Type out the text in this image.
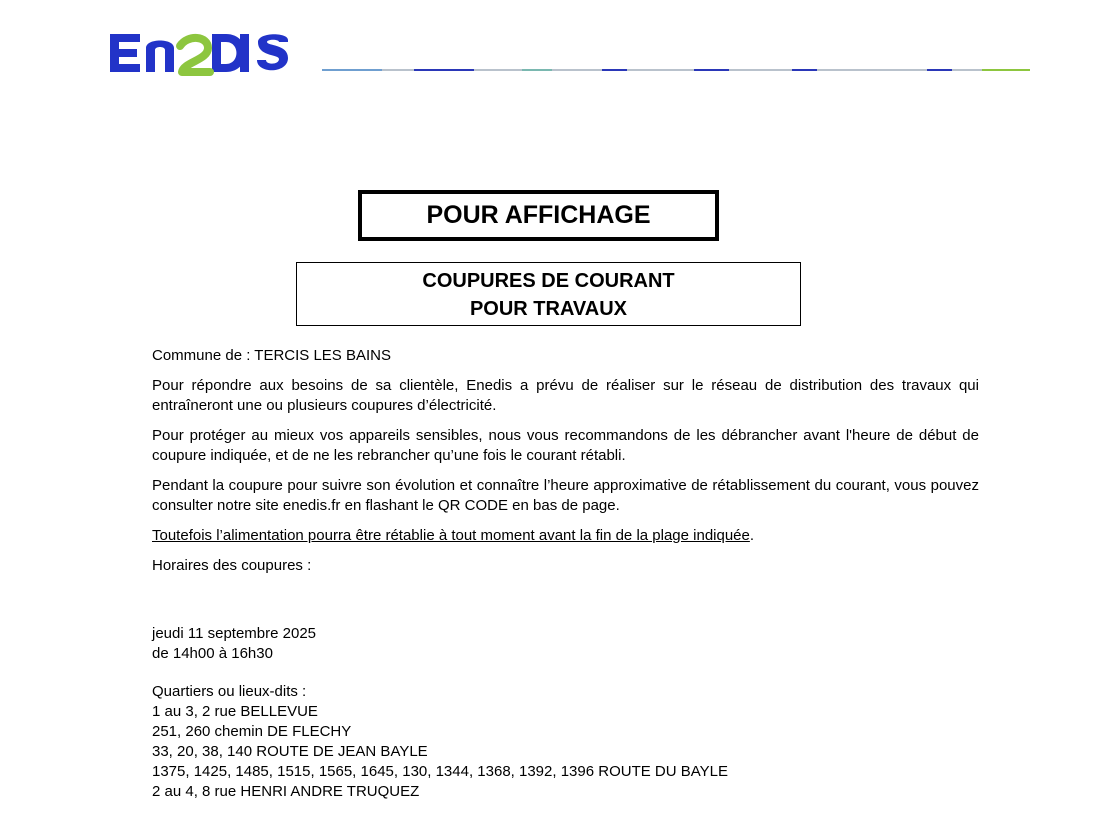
POUR AFFICHAGE
COUPURES DE COURANT
POUR TRAVAUX

Commune de : TERCIS LES BAINS

Pour répondre aux besoins de sa clientèle, Enedis a prévu de réaliser sur le réseau de distribution des travaux qui entraîneront une ou plusieurs coupures d’électricité.

Pour protéger au mieux vos appareils sensibles, nous vous recommandons de les débrancher avant l'heure de début de coupure indiquée, et de ne les rebrancher qu’une fois le courant rétabli.

Pendant la coupure pour suivre son évolution et connaître l’heure approximative de rétablissement du courant, vous pouvez consulter notre site enedis.fr en flashant le QR CODE en bas de page.

Toutefois l’alimentation pourra être rétablie à tout moment avant la fin de la plage indiquée.

Horaires des coupures :

jeudi 11 septembre 2025

de 14h00 à 16h30

Quartiers ou lieux-dits :

1 au 3, 2 rue BELLEVUE

251, 260 chemin DE FLECHY

33, 20, 38, 140 ROUTE DE JEAN BAYLE

1375, 1425, 1485, 1515, 1565, 1645, 130, 1344, 1368, 1392, 1396 ROUTE DU BAYLE

2 au 4, 8 rue HENRI ANDRE TRUQUEZ
